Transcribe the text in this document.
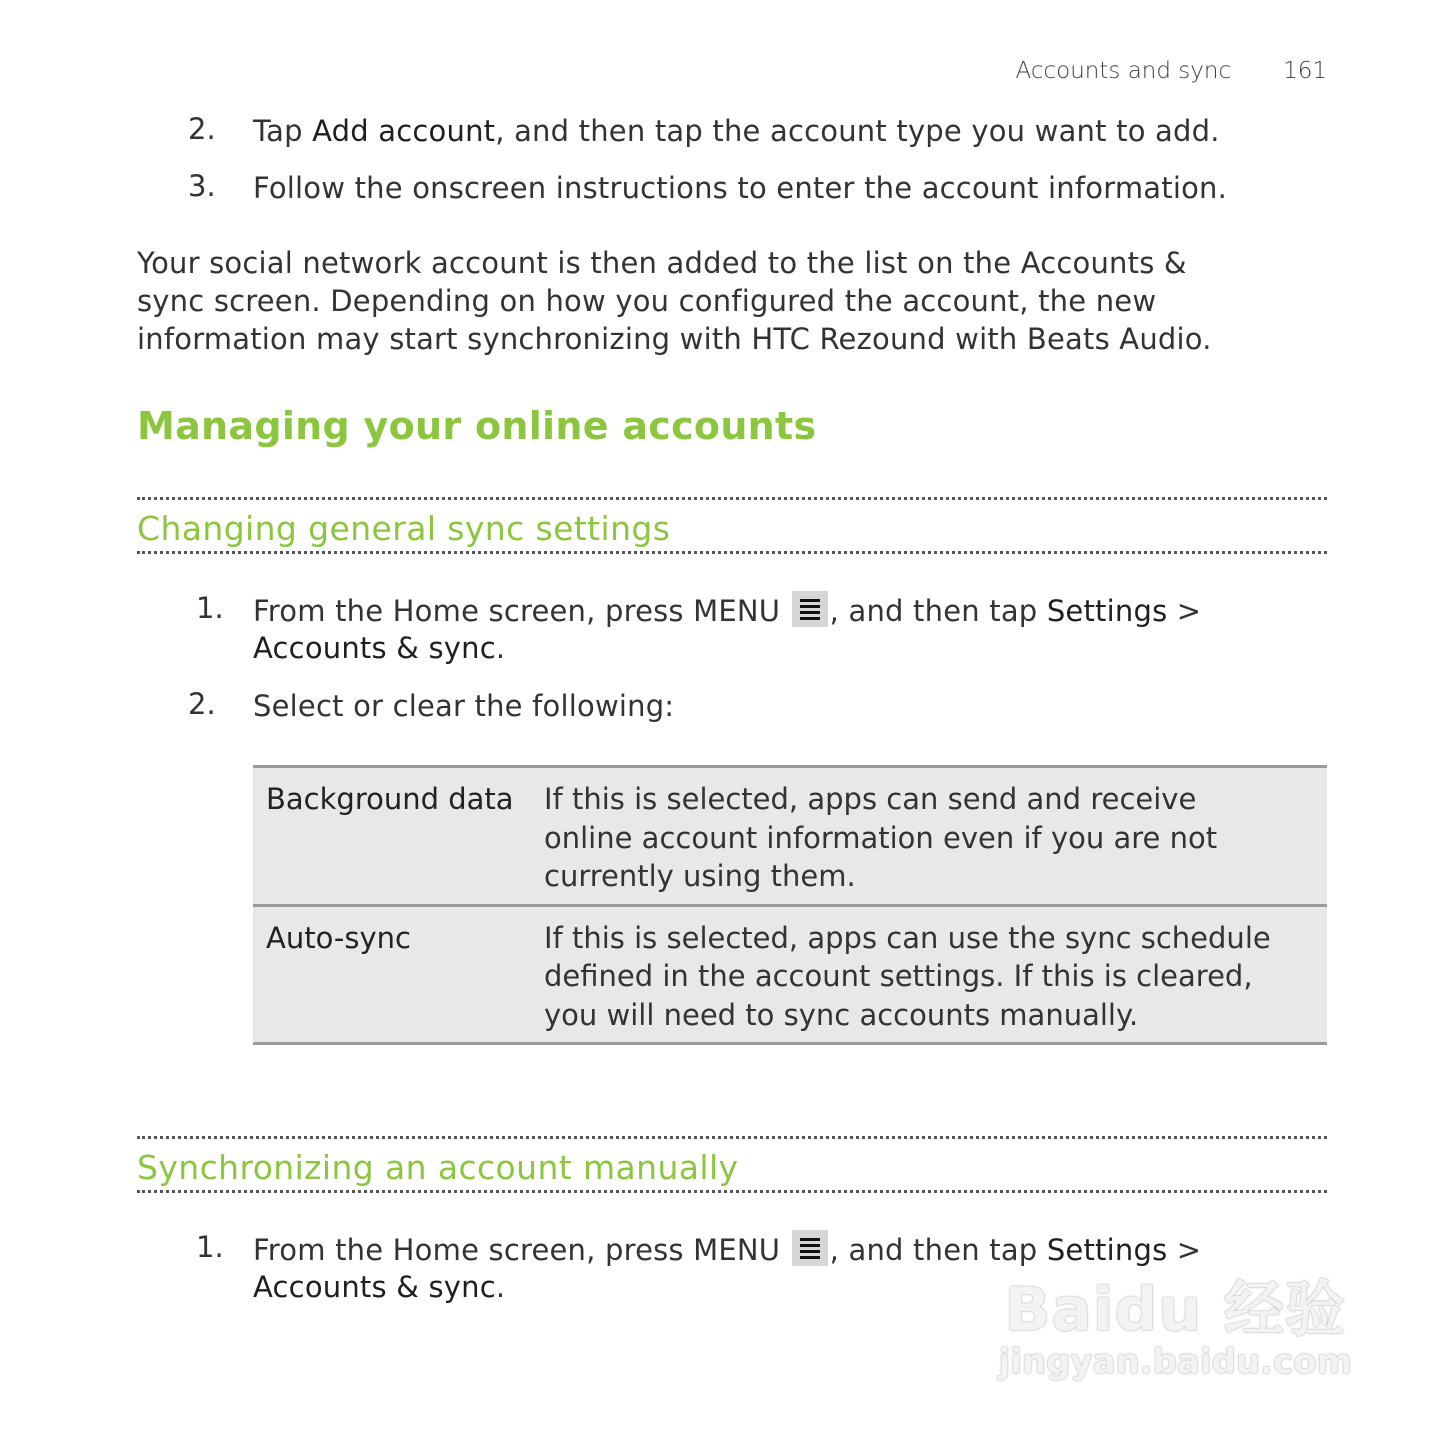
Accounts and sync 161
2. Tap Add account, and then tap the account type you want to add.
3. Follow the onscreen instructions to enter the account information.
Your social network account is then added to the list on the Accounts &
sync screen. Depending on how you configured the account, the new
information may start synchronizing with HTC Rezound with Beats Audio.
Managing your online accounts
Changing general sync settings
1. From the Home screen, press MENU , and then tap Settings >
Accounts & sync.
2. Select or clear the following:
Background data	If this is selected, apps can send and receive online account information even if you are not currently using them.
Auto-sync	If this is selected, apps can use the sync schedule defined in the account settings. If this is cleared, you will need to sync accounts manually.
Synchronizing an account manually
1. From the Home screen, press MENU , and then tap Settings >
Accounts & sync.	Baidu 经验
jingyan.baidu.com
